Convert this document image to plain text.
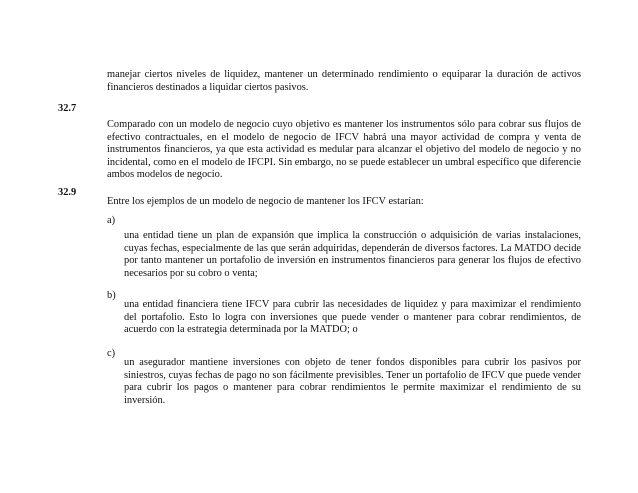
manejar ciertos niveles de liquidez, mantener un determinado rendimiento o equiparar la duración de activos financieros destinados a liquidar ciertos pasivos.

32.7

Comparado con un modelo de negocio cuyo objetivo es mantener los instrumentos sólo para cobrar sus flujos de efectivo contractuales, en el modelo de negocio de IFCV habrá una mayor actividad de compra y venta de instrumentos financieros, ya que esta actividad es medular para alcanzar el objetivo del modelo de negocio y no incidental, como en el modelo de IFCPI. Sin embargo, no se puede establecer un umbral específico que diferencie ambos modelos de negocio.

32.9

Entre los ejemplos de un modelo de negocio de mantener los IFCV estarían:

a)

una entidad tiene un plan de expansión que implica la construcción o adquisición de varias instalaciones, cuyas fechas, especialmente de las que serán adquiridas, dependerán de diversos factores. La MATDO decide por tanto mantener un portafolio de inversión en instrumentos financieros para generar los flujos de efectivo necesarios por su cobro o venta;

b)

una entidad financiera tiene IFCV para cubrir las necesidades de liquidez y para maximizar el rendimiento del portafolio. Esto lo logra con inversiones que puede vender o mantener para cobrar rendimientos, de acuerdo con la estrategia determinada por la MATDO; o

c)

un asegurador mantiene inversiones con objeto de tener fondos disponibles para cubrir los pasivos por siniestros, cuyas fechas de pago no son fácilmente previsibles. Tener un portafolio de IFCV que puede vender para cubrir los pagos o mantener para cobrar rendimientos le permite maximizar el rendimiento de su inversión.
